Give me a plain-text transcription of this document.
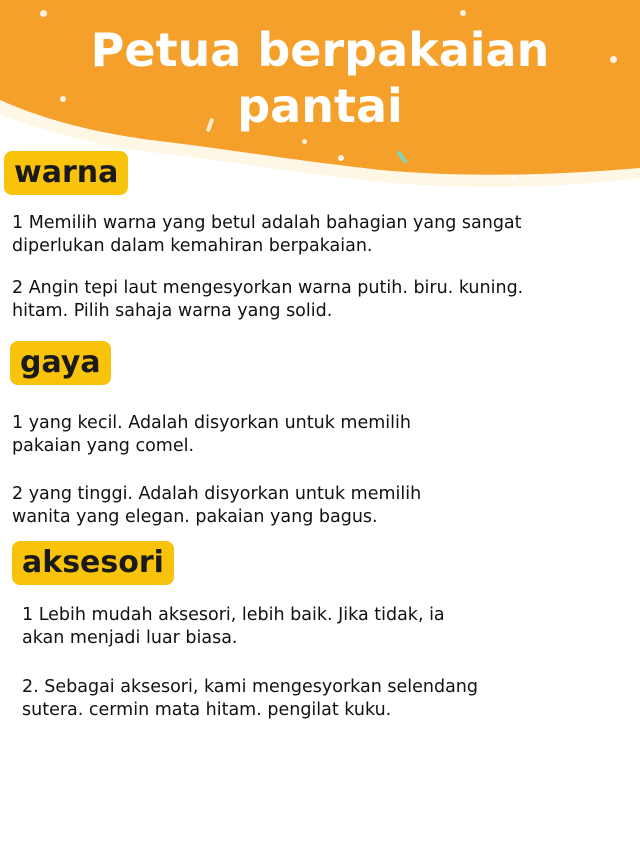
Petua berpakaian
pantai
warna

1 Memilih warna yang betul adalah bahagian yang sangat
diperlukan dalam kemahiran berpakaian.

2 Angin tepi laut mengesyorkan warna putih. biru. kuning.
hitam. Pilih sahaja warna yang solid.

gaya

1 yang kecil. Adalah disyorkan untuk memilih
pakaian yang comel.

2 yang tinggi. Adalah disyorkan untuk memilih
wanita yang elegan. pakaian yang bagus.

aksesori

1 Lebih mudah aksesori, lebih baik. Jika tidak, ia
akan menjadi luar biasa.

2. Sebagai aksesori, kami mengesyorkan selendang
sutera. cermin mata hitam. pengilat kuku.
